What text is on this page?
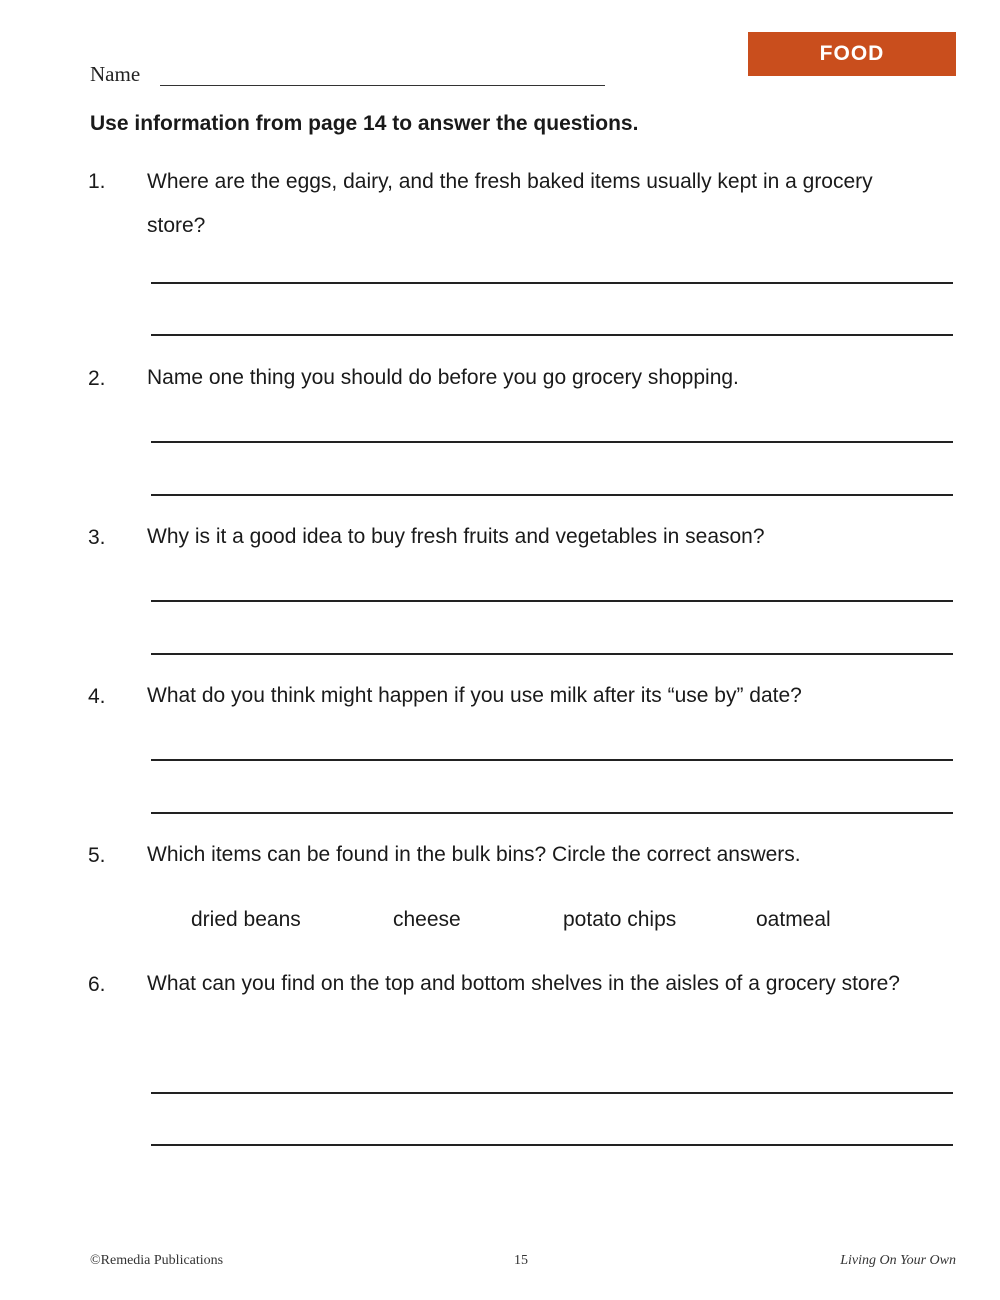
FOOD
Name
Use information from page 14 to answer the questions.
1. Where are the eggs, dairy, and the fresh baked items usually kept in a grocery store?
2. Name one thing you should do before you go grocery shopping.
3. Why is it a good idea to buy fresh fruits and vegetables in season?
4. What do you think might happen if you use milk after its “use by” date?
5. Which items can be found in the bulk bins? Circle the correct answers.
dried beans	cheese	potato chips	oatmeal
6. What can you find on the top and bottom shelves in the aisles of a grocery store?
©Remedia Publications	15	Living On Your Own
